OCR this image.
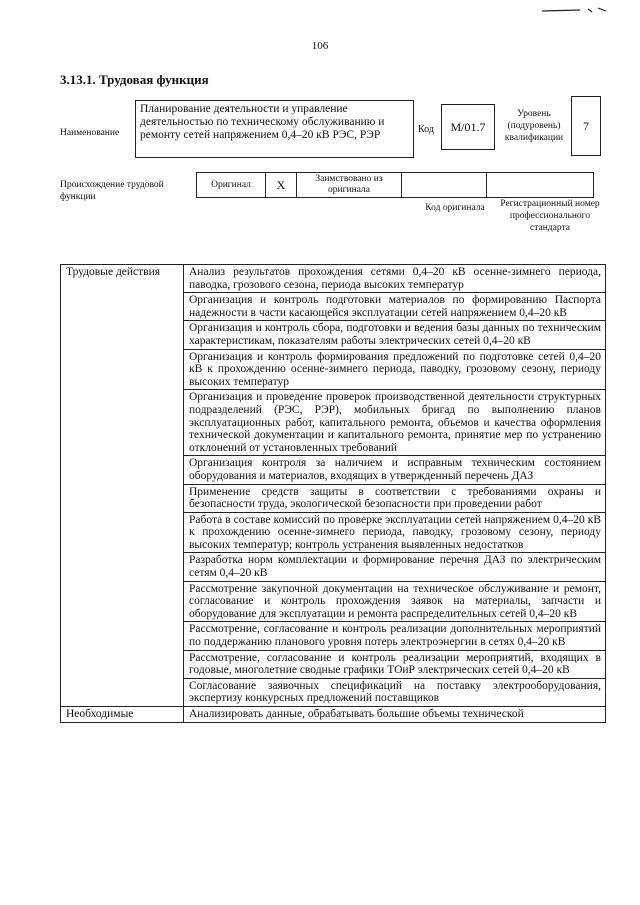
106
3.13.1. Трудовая функция
Наименование
Планирование деятельности и управление деятельностью по техническому обслуживанию и ремонту сетей напряжением 0,4–20 кВ РЭС, РЭР	Код	M/01.7
Уровень (подуровень) квалификации
7
Происхождение трудовой функции
Оригинал	X	Заимствовано из оригинала		
Код оригинала	Регистрационный номер профессионального стандарта
Трудовые действия	Анализ результатов прохождения сетями 0,4–20 кВ осенне-зимнего периода, паводка, грозового сезона, периода высоких температур
	Организация и контроль подготовки материалов по формированию Паспорта надежности в части касающейся эксплуатации сетей напряжением 0,4–20 кВ
	Организация и контроль сбора, подготовки и ведения базы данных по техническим характеристикам, показателям работы электрических сетей 0,4–20 кВ
	Организация и контроль формирования предложений по подготовке сетей 0,4–20 кВ к прохождению осенне-зимнего периода, паводку, грозовому сезону, периоду высоких температур
	Организация и проведение проверок производственной деятельности структурных подразделений (РЭС, РЭР), мобильных бригад по выполнению планов эксплуатационных работ, капитального ремонта, объемов и качества оформления технической документации и капитального ремонта, принятие мер по устранению отклонений от установленных требований
	Организация контроля за наличием и исправным техническим состоянием оборудования и материалов, входящих в утвержденный перечень ДАЗ
	Применение средств защиты в соответствии с требованиями охраны и безопасности труда, экологической безопасности при проведении работ
	Работа в составе комиссий по проверке эксплуатации сетей напряжением 0,4–20 кВ к прохождению осенне-зимнего периода, паводку, грозовому сезону, периоду высоких температур; контроль устранения выявленных недостатков
	Разработка норм комплектации и формирование перечня ДАЗ по электрическим сетям 0,4–20 кВ
	Рассмотрение закупочной документации на техническое обслуживание и ремонт, согласование и контроль прохождения заявок на материалы, запчасти и оборудование для эксплуатации и ремонта распределительных сетей 0,4–20 кВ
	Рассмотрение, согласование и контроль реализации дополнительных мероприятий по поддержанию планового уровня потерь электроэнергии в сетях 0,4–20 кВ
	Рассмотрение, согласование и контроль реализации мероприятий, входящих в годовые, многолетние сводные графики ТОиР электрических сетей 0,4–20 кВ
	Согласование заявочных спецификаций на поставку электрооборудования, экспертизу конкурсных предложений поставщиков
Необходимые	Анализировать данные, обрабатывать большие объемы технической
